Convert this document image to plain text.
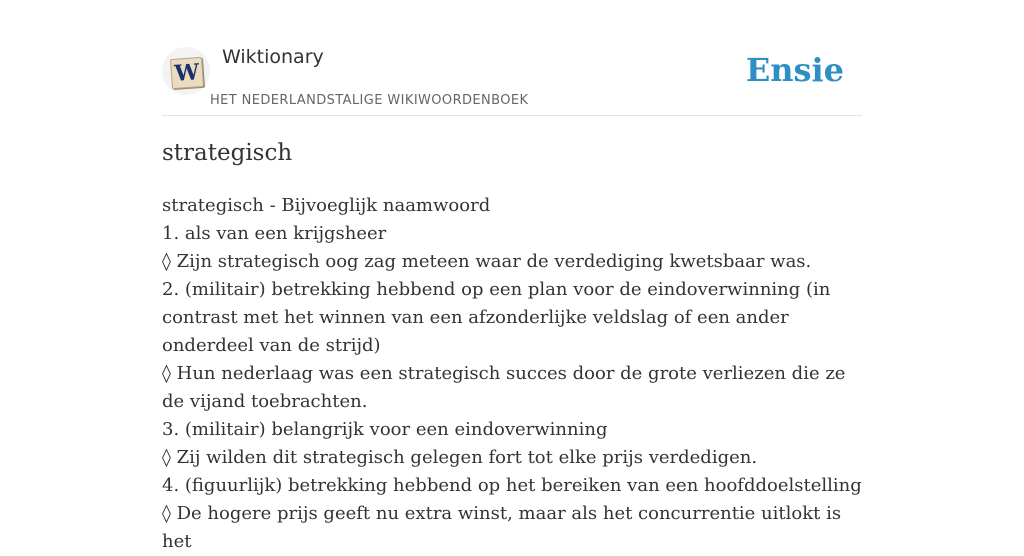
W
Wiktionary
HET NEDERLANDSTALIGE WIKIWOORDENBOEK
Ensie
strategisch
strategisch - Bijvoeglijk naamwoord
1. als van een krijgsheer
◊ Zijn strategisch oog zag meteen waar de verdediging kwetsbaar was.
2. (militair) betrekking hebbend op een plan voor de eindoverwinning (in contrast met het winnen van een afzonderlijke veldslag of een ander onderdeel van de strijd)
◊ Hun nederlaag was een strategisch succes door de grote verliezen die ze de vijand toebrachten.
3. (militair) belangrijk voor een eindoverwinning
◊ Zij wilden dit strategisch gelegen fort tot elke prijs verdedigen.
4. (figuurlijk) betrekking hebbend op het bereiken van een hoofddoelstelling
◊ De hogere prijs geeft nu extra winst, maar als het concurrentie uitlokt is het
